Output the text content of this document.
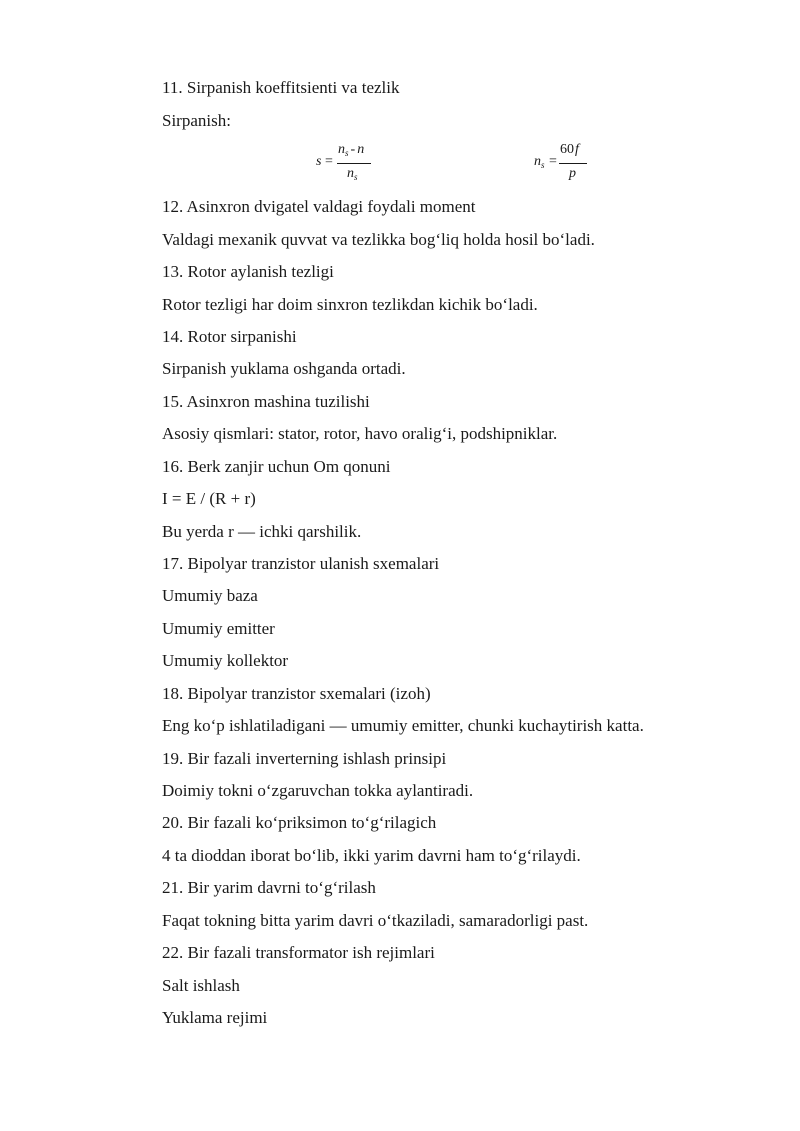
11. Sirpanish koeffitsienti va tezlik
Sirpanish:
s =
$n_s$ - n
$n_s$
$n_s$ =
60f
p
12. Asinxron dvigatel valdagi foydali moment
Valdagi mexanik quvvat va tezlikka bog‘liq holda hosil bo‘ladi.
13. Rotor aylanish tezligi
Rotor tezligi har doim sinxron tezlikdan kichik bo‘ladi.
14. Rotor sirpanishi
Sirpanish yuklama oshganda ortadi.
15. Asinxron mashina tuzilishi
Asosiy qismlari: stator, rotor, havo oralig‘i, podshipniklar.
16. Berk zanjir uchun Om qonuni
I = E / (R + r)
Bu yerda r — ichki qarshilik.
17. Bipolyar tranzistor ulanish sxemalari
Umumiy baza
Umumiy emitter
Umumiy kollektor
18. Bipolyar tranzistor sxemalari (izoh)
Eng ko‘p ishlatiladigani — umumiy emitter, chunki kuchaytirish katta.
19. Bir fazali inverterning ishlash prinsipi
Doimiy tokni o‘zgaruvchan tokka aylantiradi.
20. Bir fazali ko‘priksimon to‘g‘rilagich
4 ta dioddan iborat bo‘lib, ikki yarim davrni ham to‘g‘rilaydi.
21. Bir yarim davrni to‘g‘rilash
Faqat tokning bitta yarim davri o‘tkaziladi, samaradorligi past.
22. Bir fazali transformator ish rejimlari
Salt ishlash
Yuklama rejimi
